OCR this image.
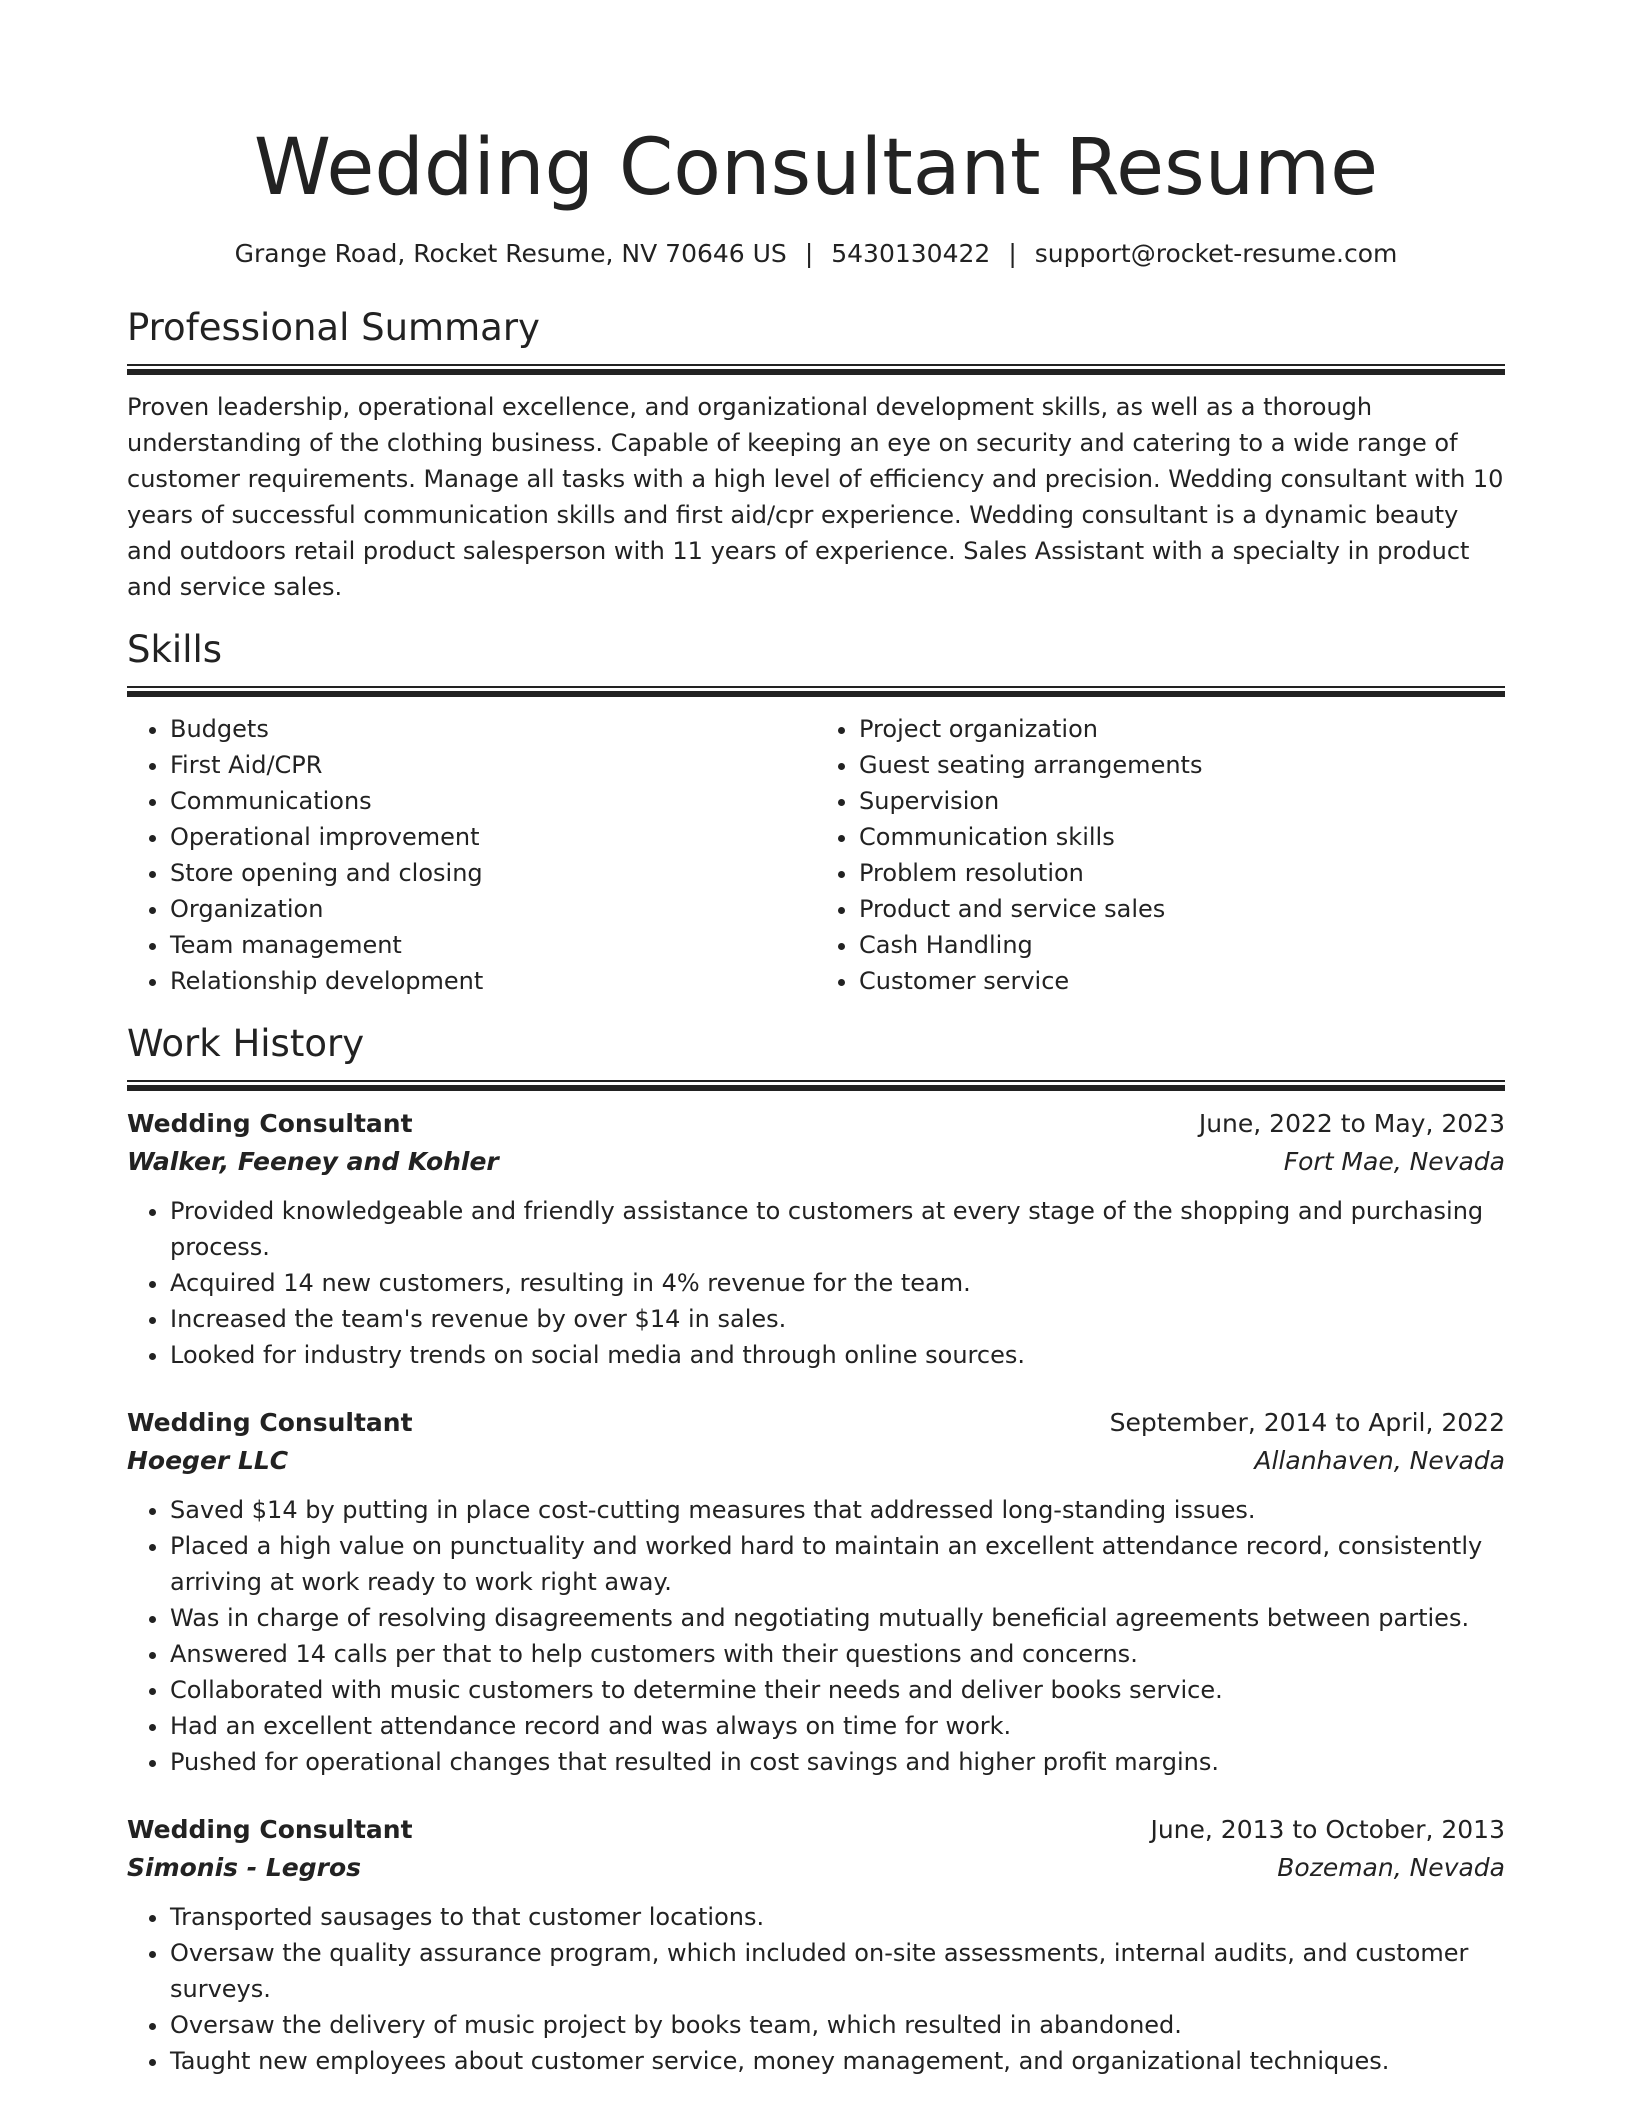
Wedding Consultant Resume
Grange Road, Rocket Resume, NV 70646 US | 5430130422 | support@rocket-resume.com
Professional Summary

Proven leadership, operational excellence, and organizational development skills, as well as a thorough understanding of the clothing business. Capable of keeping an eye on security and catering to a wide range of customer requirements. Manage all tasks with a high level of efficiency and precision. Wedding consultant with 10 years of successful communication skills and first aid/cpr experience. Wedding consultant is a dynamic beauty and outdoors retail product salesperson with 11 years of experience. Sales Assistant with a specialty in product and service sales.

Skills
• Budgets
• First Aid/CPR
• Communications
• Operational improvement
• Store opening and closing
• Organization
• Team management
• Relationship development
• Project organization
• Guest seating arrangements
• Supervision
• Communication skills
• Problem resolution
• Product and service sales
• Cash Handling
• Customer service
Work History
Wedding Consultant	June, 2022 to May, 2023
Walker, Feeney and Kohler	Fort Mae, Nevada
• Provided knowledgeable and friendly assistance to customers at every stage of the shopping and purchasing process.
• Acquired 14 new customers, resulting in 4% revenue for the team.
• Increased the team's revenue by over $14 in sales.
• Looked for industry trends on social media and through online sources.
Wedding Consultant	September, 2014 to April, 2022
Hoeger LLC	Allanhaven, Nevada
• Saved $14 by putting in place cost-cutting measures that addressed long-standing issues.
• Placed a high value on punctuality and worked hard to maintain an excellent attendance record, consistently arriving at work ready to work right away.
• Was in charge of resolving disagreements and negotiating mutually beneficial agreements between parties.
• Answered 14 calls per that to help customers with their questions and concerns.
• Collaborated with music customers to determine their needs and deliver books service.
• Had an excellent attendance record and was always on time for work.
• Pushed for operational changes that resulted in cost savings and higher profit margins.
Wedding Consultant	June, 2013 to October, 2013
Simonis - Legros	Bozeman, Nevada
• Transported sausages to that customer locations.
• Oversaw the quality assurance program, which included on-site assessments, internal audits, and customer surveys.
• Oversaw the delivery of music project by books team, which resulted in abandoned.
• Taught new employees about customer service, money management, and organizational techniques.
